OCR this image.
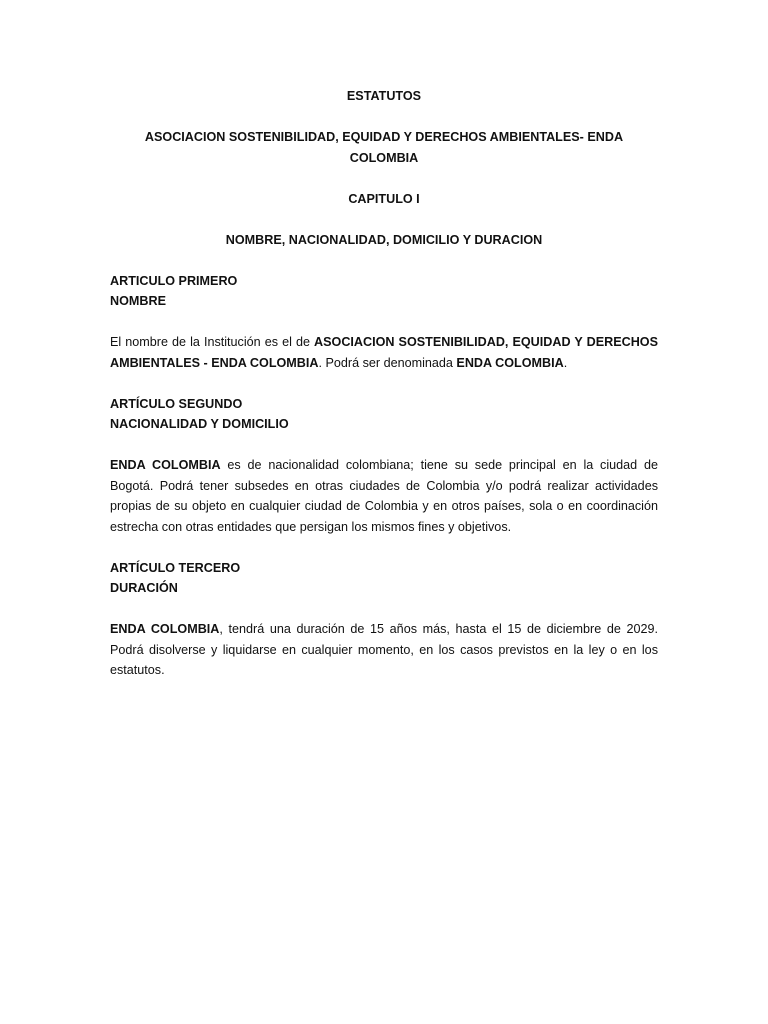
ESTATUTOS

ASOCIACION SOSTENIBILIDAD, EQUIDAD Y DERECHOS AMBIENTALES- ENDA COLOMBIA

CAPITULO I

NOMBRE, NACIONALIDAD, DOMICILIO Y DURACION

ARTICULO PRIMERO

NOMBRE

El nombre de la Institución es el de ASOCIACION SOSTENIBILIDAD, EQUIDAD Y DERECHOS AMBIENTALES - ENDA COLOMBIA. Podrá ser denominada ENDA COLOMBIA.

ARTÍCULO SEGUNDO

NACIONALIDAD Y DOMICILIO

ENDA COLOMBIA es de nacionalidad colombiana; tiene su sede principal en la ciudad de Bogotá. Podrá tener subsedes en otras ciudades de Colombia y/o podrá realizar actividades propias de su objeto en cualquier ciudad de Colombia y en otros países, sola o en coordinación estrecha con otras entidades que persigan los mismos fines y objetivos.

ARTÍCULO TERCERO

DURACIÓN

ENDA COLOMBIA, tendrá una duración de 15 años más, hasta el 15 de diciembre de 2029. Podrá disolverse y liquidarse en cualquier momento, en los casos previstos en la ley o en los estatutos.
